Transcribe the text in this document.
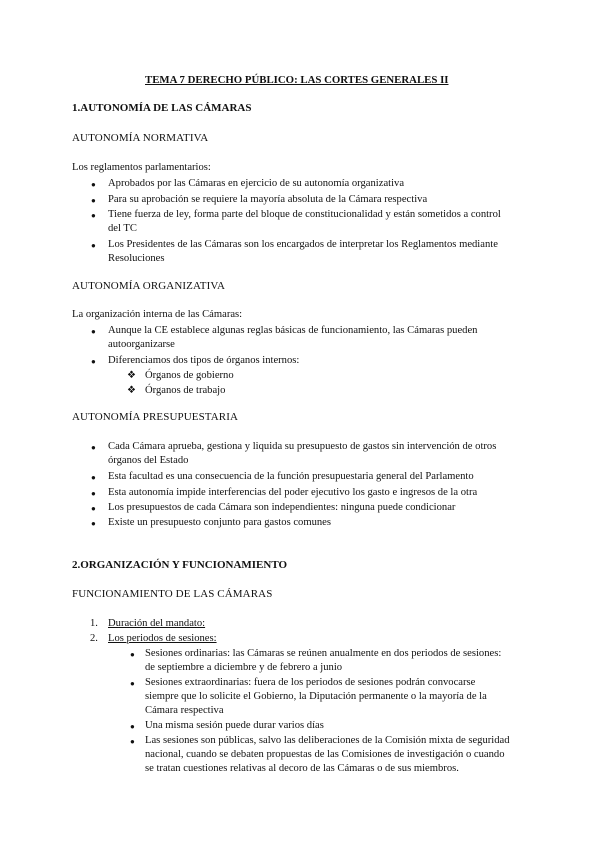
TEMA 7 DERECHO PÚBLICO: LAS CORTES GENERALES II
1.AUTONOMÍA DE LAS CÁMARAS
AUTONOMÍA NORMATIVA
Los reglamentos parlamentarios:
● Aprobados por las Cámaras en ejercicio de su autonomía organizativa
● Para su aprobación se requiere la mayoría absoluta de la Cámara respectiva
● Tiene fuerza de ley, forma parte del bloque de constitucionalidad y están sometidos a control
del TC
● Los Presidentes de las Cámaras son los encargados de interpretar los Reglamentos mediante
Resoluciones
AUTONOMÍA ORGANIZATIVA
La organización interna de las Cámaras:
● Aunque la CE establece algunas reglas básicas de funcionamiento, las Cámaras pueden
autoorganizarse
● Diferenciamos dos tipos de órganos internos:
❖ Órganos de gobierno
❖ Órganos de trabajo
AUTONOMÍA PRESUPUESTARIA
● Cada Cámara aprueba, gestiona y liquida su presupuesto de gastos sin intervención de otros
órganos del Estado
● Esta facultad es una consecuencia de la función presupuestaria general del Parlamento
● Esta autonomía impide interferencias del poder ejecutivo los gasto e ingresos de la otra
● Los presupuestos de cada Cámara son independientes: ninguna puede condicionar
● Existe un presupuesto conjunto para gastos comunes
2.ORGANIZACIÓN Y FUNCIONAMIENTO
FUNCIONAMIENTO DE LAS CÁMARAS
1. Duración del mandato:
2. Los periodos de sesiones:
● Sesiones ordinarias: las Cámaras se reúnen anualmente en dos periodos de sesiones:
de septiembre a diciembre y de febrero a junio
● Sesiones extraordinarias: fuera de los periodos de sesiones podrán convocarse
siempre que lo solicite el Gobierno, la Diputación permanente o la mayoría de la
Cámara respectiva
● Una misma sesión puede durar varios días
● Las sesiones son públicas, salvo las deliberaciones de la Comisión mixta de seguridad
nacional, cuando se debaten propuestas de las Comisiones de investigación o cuando
se tratan cuestiones relativas al decoro de las Cámaras o de sus miembros.
